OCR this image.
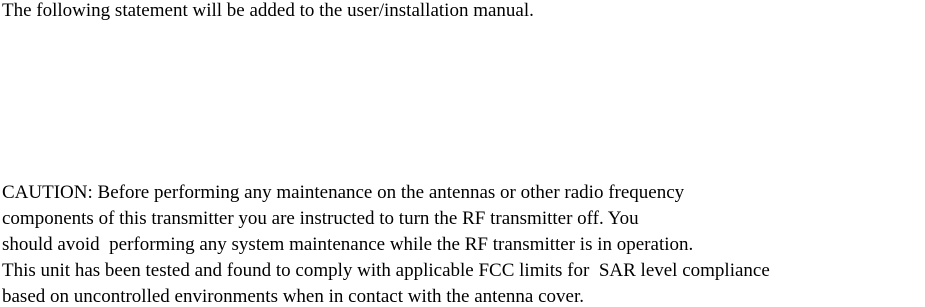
The following statement will be added to the user/installation manual.
CAUTION: Before performing any maintenance on the antennas or other radio frequency
components of this transmitter you are instructed to turn the RF transmitter off. You
should avoid  performing any system maintenance while the RF transmitter is in operation.
This unit has been tested and found to comply with applicable FCC limits for  SAR level compliance
based on uncontrolled environments when in contact with the antenna cover.
